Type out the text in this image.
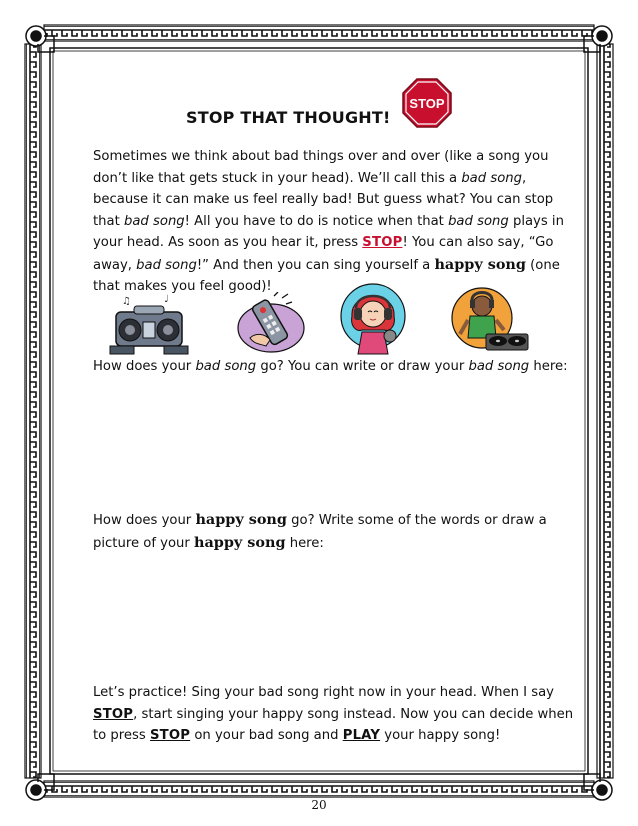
STOP THAT THOUGHT!
STOP
Sometimes we think about bad things over and over (like a song you
don’t like that gets stuck in your head). We’ll call this a bad song,
because it can make us feel really bad! But guess what? You can stop
that bad song! All you have to do is notice when that bad song plays in
your head. As soon as you hear it, press STOP! You can also say, “Go
away, bad song!” And then you can sing yourself a happy song (one
that makes you feel good)!
♫	♩
How does your bad song go? You can write or draw your bad song here:
How does your happy song go? Write some of the words or draw a
picture of your happy song here:
Let’s practice! Sing your bad song right now in your head. When I say
STOP, start singing your happy song instead. Now you can decide when
to press STOP on your bad song and PLAY your happy song!
20
